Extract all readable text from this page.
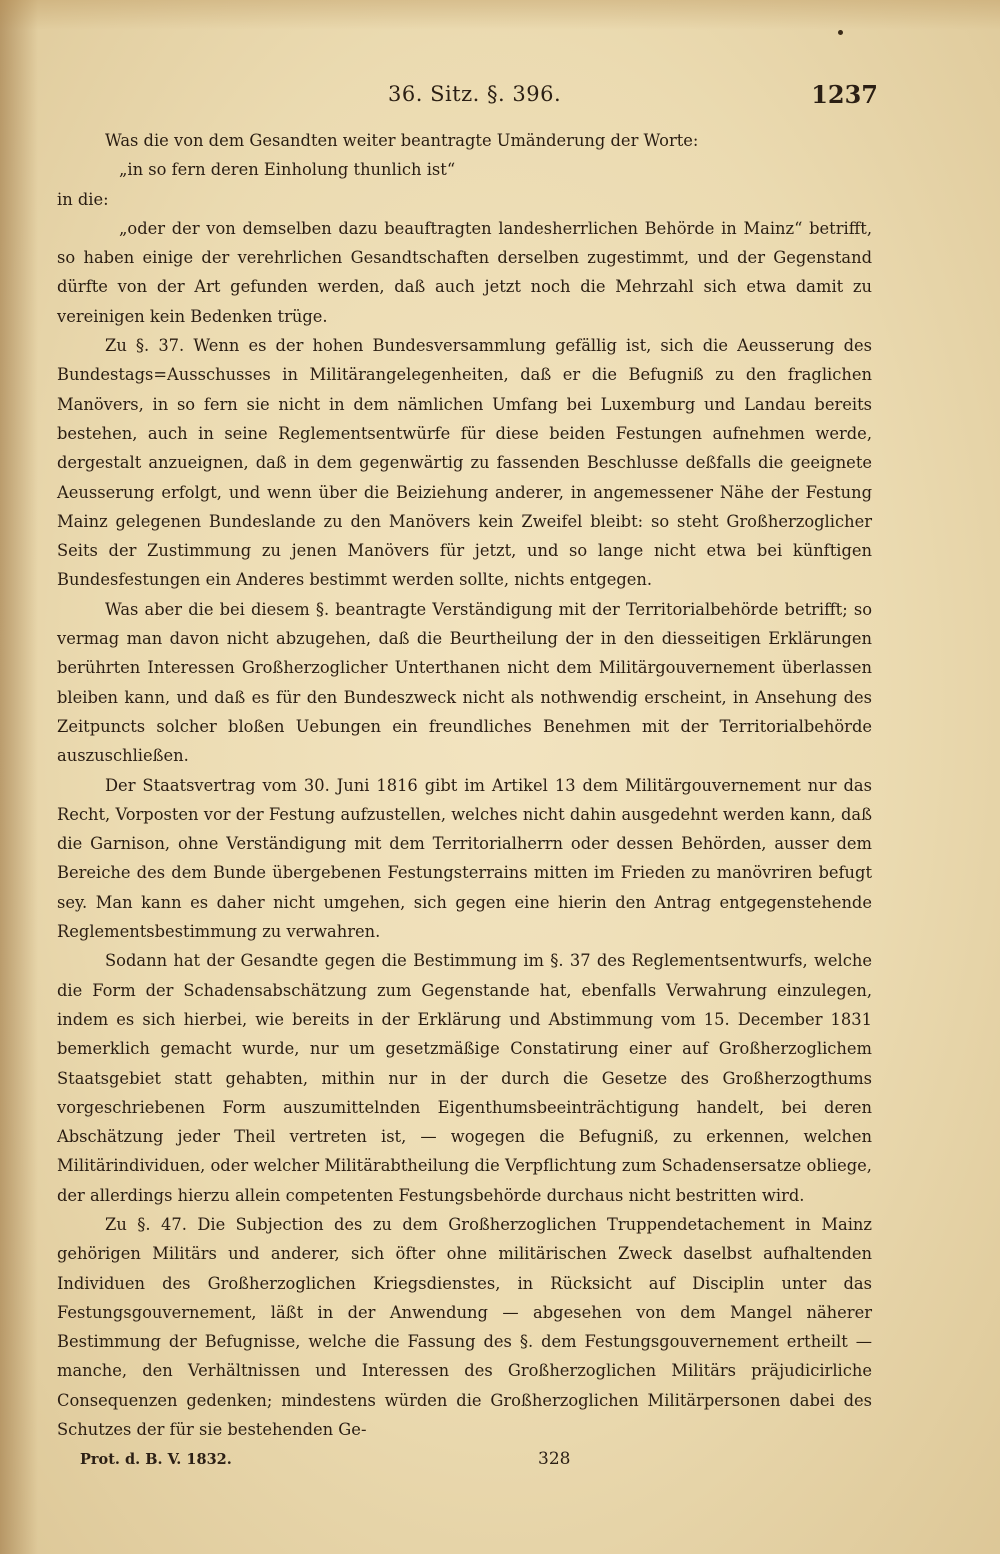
36. Sitz. §. 396.	1237

Was die von dem Gesandten weiter beantragte Umänderung der Worte:

„in so fern deren Einholung thunlich ist“

in die:

„oder der von demselben dazu beauftragten landesherrlichen Behörde in Mainz“ betrifft, so haben einige der verehrlichen Gesandtschaften derselben zugestimmt, und der Gegenstand dürfte von der Art gefunden werden, daß auch jetzt noch die Mehrzahl sich etwa damit zu vereinigen kein Bedenken trüge.

Zu §. 37. Wenn es der hohen Bundesversammlung gefällig ist, sich die Aeusserung des Bundestags=Ausschusses in Militärangelegenheiten, daß er die Befugniß zu den fraglichen Manövers, in so fern sie nicht in dem nämlichen Umfang bei Luxemburg und Landau bereits bestehen, auch in seine Reglementsentwürfe für diese beiden Festungen aufnehmen werde, dergestalt anzueignen, daß in dem gegenwärtig zu fassenden Beschlusse deßfalls die geeignete Aeusserung erfolgt, und wenn über die Beiziehung anderer, in angemessener Nähe der Festung Mainz gelegenen Bundeslande zu den Manövers kein Zweifel bleibt: so steht Großherzoglicher Seits der Zustimmung zu jenen Manövers für jetzt, und so lange nicht etwa bei künftigen Bundesfestungen ein Anderes bestimmt werden sollte, nichts entgegen.

Was aber die bei diesem §. beantragte Verständigung mit der Territorialbehörde betrifft; so vermag man davon nicht abzugehen, daß die Beurtheilung der in den diesseitigen Erklärungen berührten Interessen Großherzoglicher Unterthanen nicht dem Militärgouvernement überlassen bleiben kann, und daß es für den Bundeszweck nicht als nothwendig erscheint, in Ansehung des Zeitpuncts solcher bloßen Uebungen ein freundliches Benehmen mit der Territorialbehörde auszuschließen.

Der Staatsvertrag vom 30. Juni 1816 gibt im Artikel 13 dem Militärgouvernement nur das Recht, Vorposten vor der Festung aufzustellen, welches nicht dahin ausgedehnt werden kann, daß die Garnison, ohne Verständigung mit dem Territorialherrn oder dessen Behörden, ausser dem Bereiche des dem Bunde übergebenen Festungsterrains mitten im Frieden zu manövriren befugt sey. Man kann es daher nicht umgehen, sich gegen eine hierin den Antrag entgegenstehende Reglementsbestimmung zu verwahren.

Sodann hat der Gesandte gegen die Bestimmung im §. 37 des Reglementsentwurfs, welche die Form der Schadensabschätzung zum Gegenstande hat, ebenfalls Verwahrung einzulegen, indem es sich hierbei, wie bereits in der Erklärung und Abstimmung vom 15. December 1831 bemerklich gemacht wurde, nur um gesetzmäßige Constatirung einer auf Großherzoglichem Staatsgebiet statt gehabten, mithin nur in der durch die Gesetze des Großherzogthums vorgeschriebenen Form auszumittelnden Eigenthumsbeeinträchtigung handelt, bei deren Abschätzung jeder Theil vertreten ist, — wogegen die Befugniß, zu erkennen, welchen Militärindividuen, oder welcher Militärabtheilung die Verpflichtung zum Schadensersatze obliege, der allerdings hierzu allein competenten Festungsbehörde durchaus nicht bestritten wird.

Zu §. 47. Die Subjection des zu dem Großherzoglichen Truppendetachement in Mainz gehörigen Militärs und anderer, sich öfter ohne militärischen Zweck daselbst aufhaltenden Individuen des Großherzoglichen Kriegsdienstes, in Rücksicht auf Disciplin unter das Festungsgouvernement, läßt in der Anwendung — abgesehen von dem Mangel näherer Bestimmung der Befugnisse, welche die Fassung des §. dem Festungsgouvernement ertheilt — manche, den Verhältnissen und Interessen des Großherzoglichen Militärs präjudicirliche Consequenzen gedenken; mindestens würden die Großherzoglichen Militärpersonen dabei des Schutzes der für sie bestehenden Ge-

Prot. d. B. V. 1832.	328
